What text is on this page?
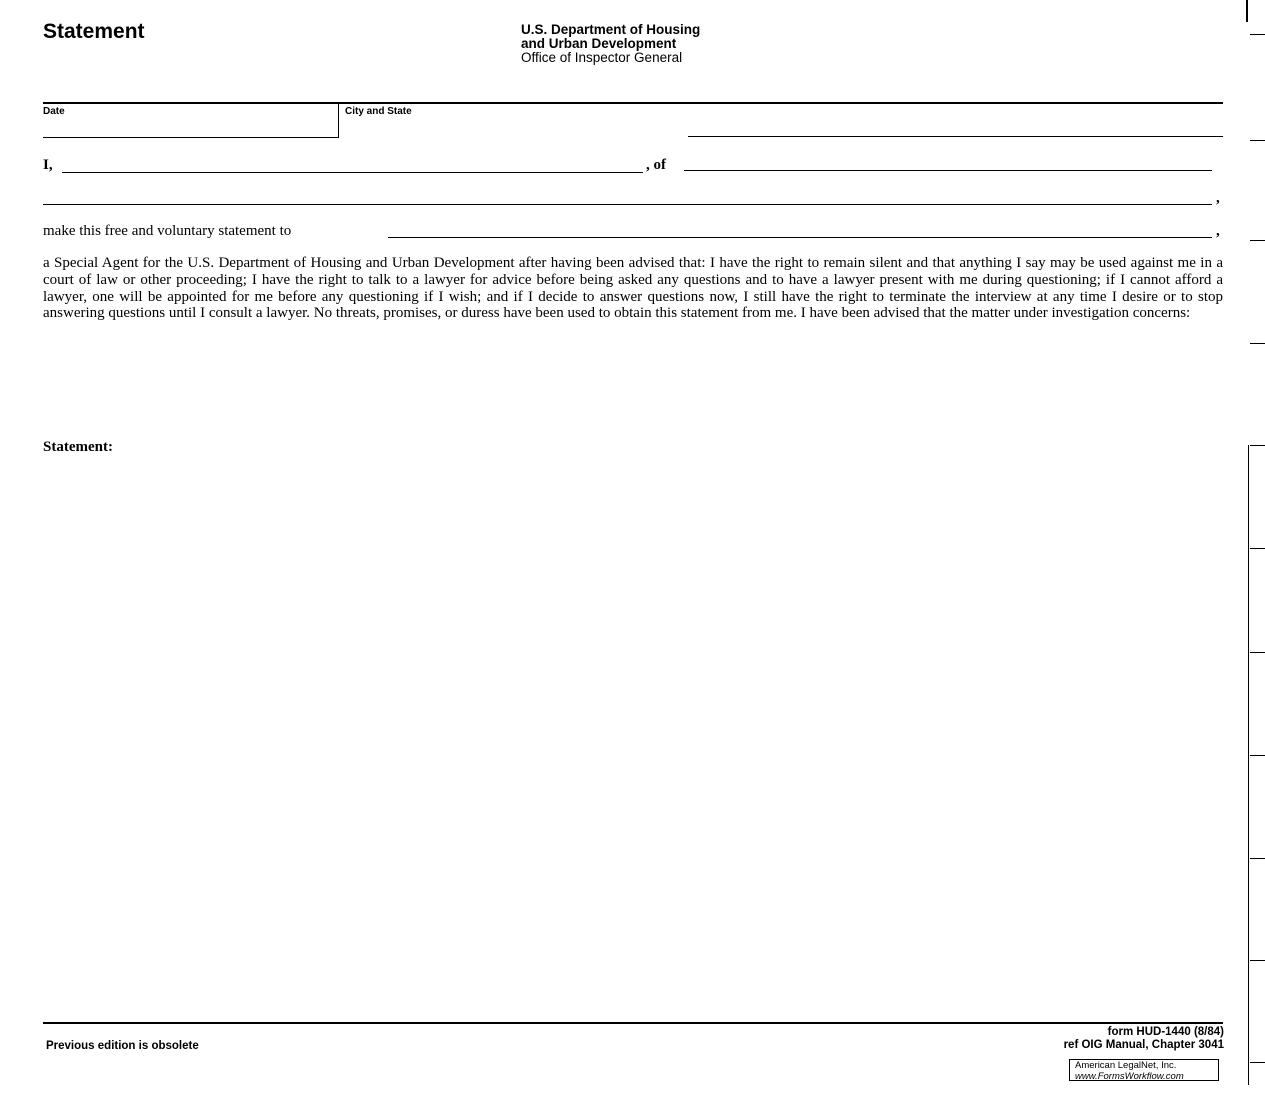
Statement	U.S. Department of Housing
and Urban Development
Office of Inspector General
Date	City and State
I,	, of
,
make this free and voluntary statement to	,
a Special Agent for the U.S. Department of Housing and Urban Development after having been advised that: I have the right to remain silent and that anything I say may be used against me in a court of law or other proceeding; I have the right to talk to a lawyer for advice before being asked any questions and to have a lawyer present with me during questioning; if I cannot afford a lawyer, one will be appointed for me before any questioning if I wish; and if I decide to answer questions now, I still have the right to terminate the interview at any time I desire or to stop answering questions until I consult a lawyer. No threats, promises, or duress have been used to obtain this statement from me. I have been advised that the matter under investigation concerns:
Statement:
Previous edition is obsolete
form HUD-1440 (8/84)
ref OIG Manual, Chapter 3041
American LegalNet, Inc.
www.FormsWorkflow.com
